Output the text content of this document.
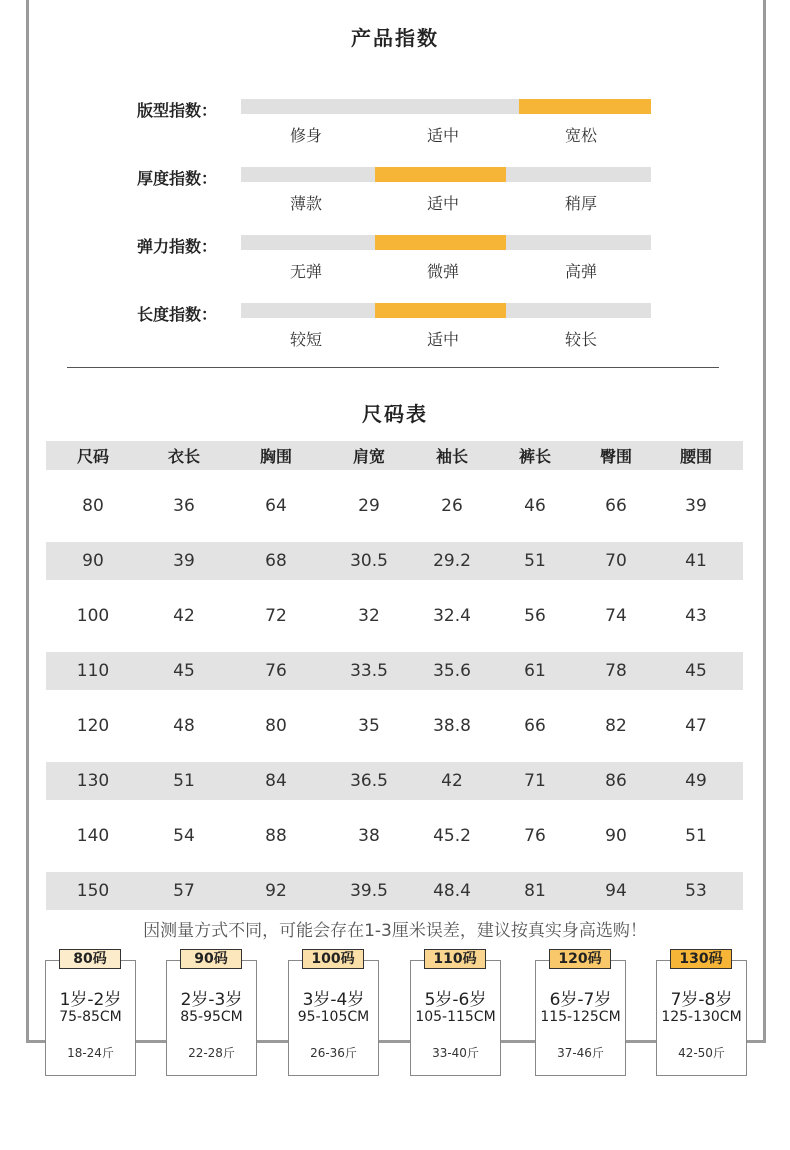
产品指数
版型指数：
修身	适中	宽松
厚度指数：
薄款	适中	稍厚
弹力指数：
无弹	微弹	高弹
长度指数：
较短	适中	较长
尺码表
尺码	衣长	胸围	肩宽	袖长	裤长	臀围	腰围
80	36	64	29	26	46	66	39
90	39	68	30.5	29.2	51	70	41
100	42	72	32	32.4	56	74	43
110	45	76	33.5	35.6	61	78	45
120	48	80	35	38.8	66	82	47
130	51	84	36.5	42	71	86	49
140	54	88	38	45.2	76	90	51
150	57	92	39.5	48.4	81	94	53
因测量方式不同，可能会存在1-3厘米误差，建议按真实身高选购！
1岁-2岁
75-85CM
18-24斤
80码
2岁-3岁
85-95CM
22-28斤
90码
3岁-4岁
95-105CM
26-36斤
100码
5岁-6岁
105-115CM
33-40斤
110码
6岁-7岁
115-125CM
37-46斤
120码
7岁-8岁
125-130CM
42-50斤
130码
